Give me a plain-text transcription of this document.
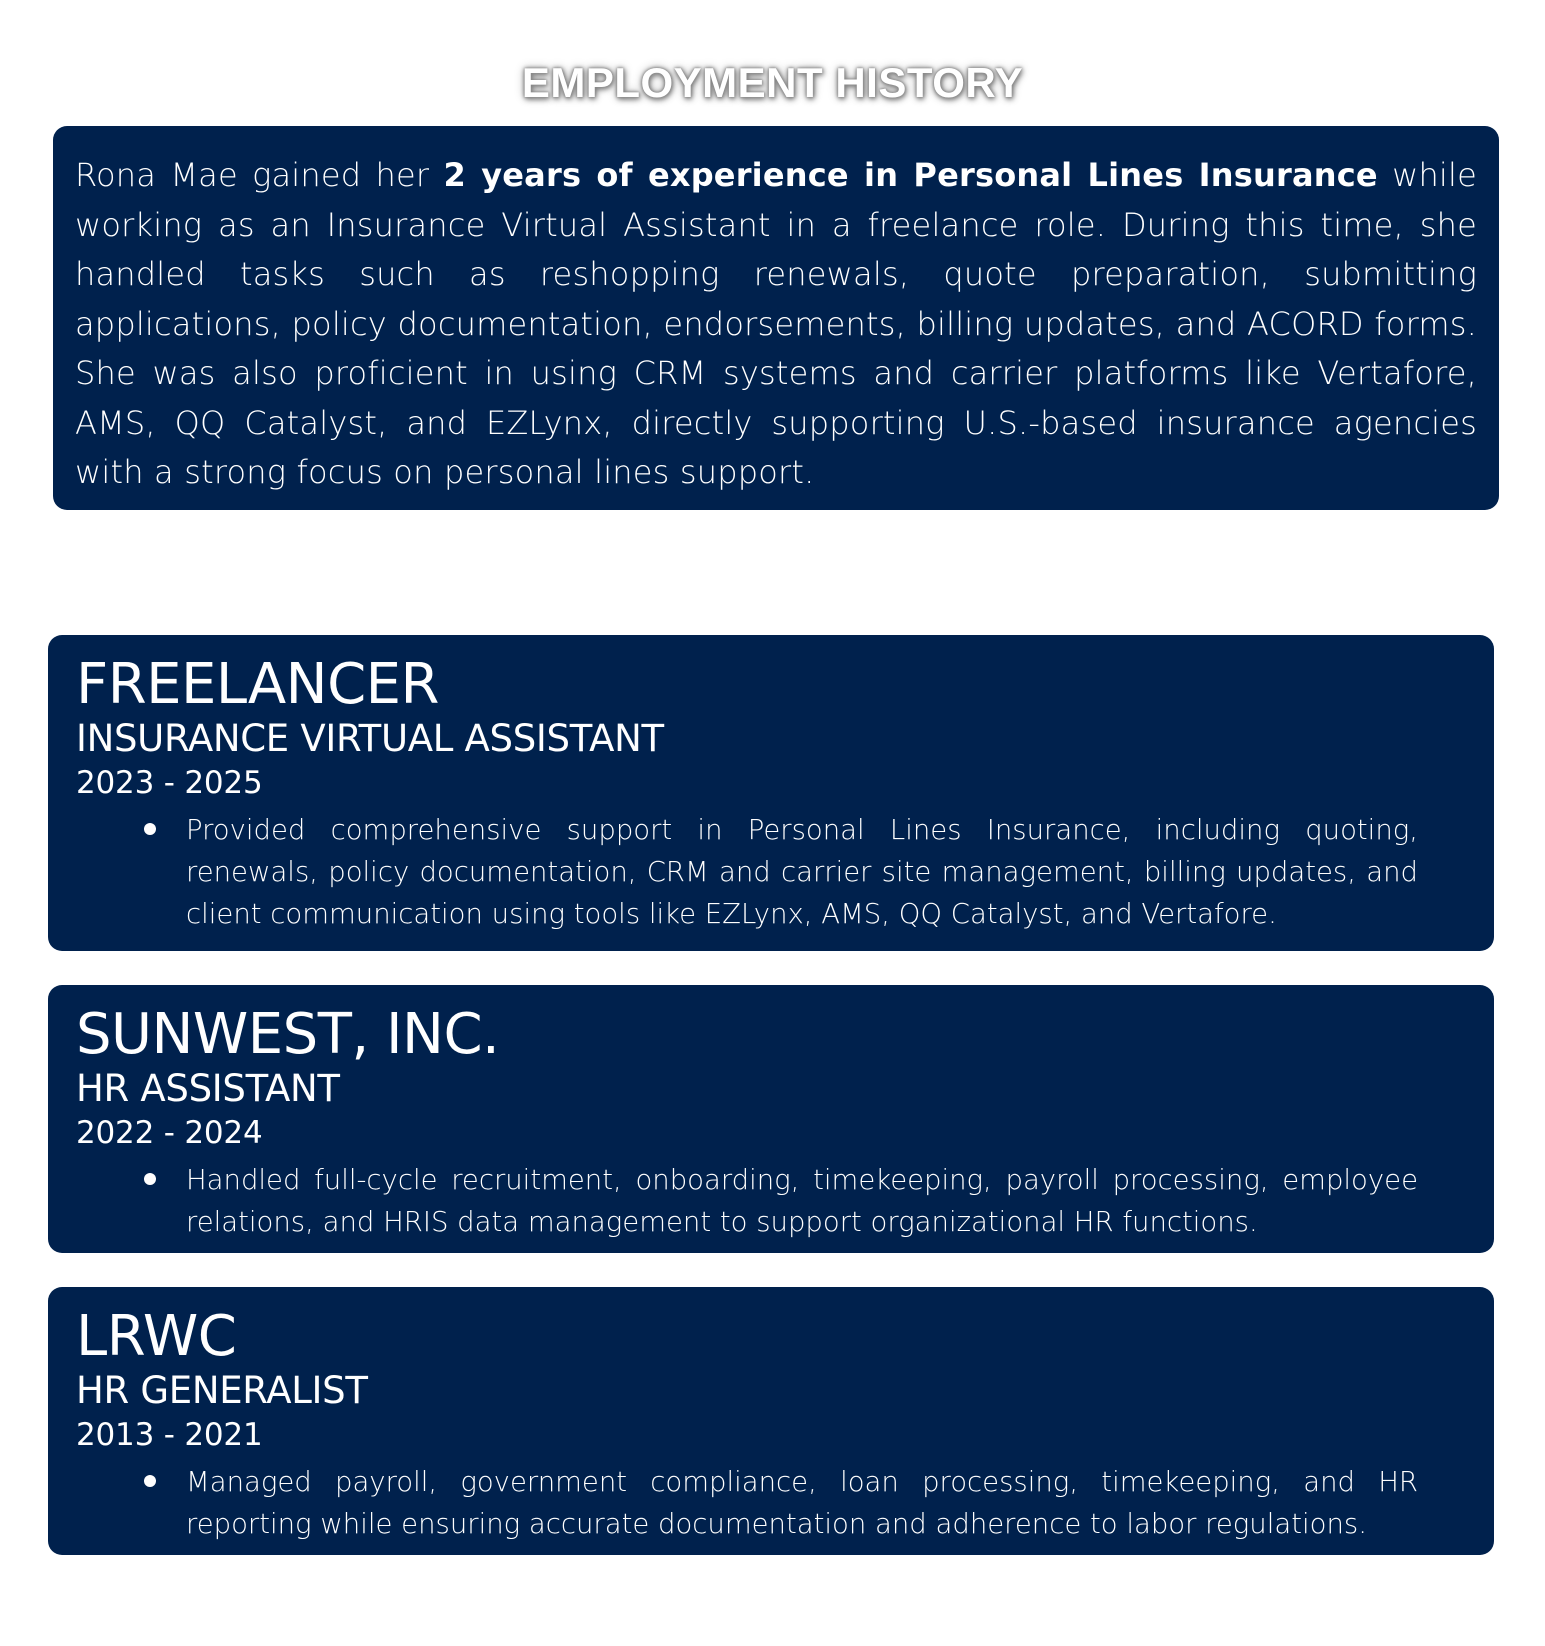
EMPLOYMENT HISTORY

Rona Mae gained her 2 years of experience in Personal Lines Insurance while working as an Insurance Virtual Assistant in a freelance role. During this time, she handled tasks such as reshopping renewals, quote preparation, submitting applications, policy documentation, endorsements, billing updates, and ACORD forms. She was also proficient in using CRM systems and carrier platforms like Vertafore, AMS, QQ Catalyst, and EZLynx, directly supporting U.S.-based insurance agencies with a strong focus on personal lines support.

FREELANCER
INSURANCE VIRTUAL ASSISTANT
2023 - 2025
Provided comprehensive support in Personal Lines Insurance, including quoting, renewals, policy documentation, CRM and carrier site management, billing updates, and client communication using tools like EZLynx, AMS, QQ Catalyst, and Vertafore.
SUNWEST, INC.
HR ASSISTANT
2022 - 2024
Handled full-cycle recruitment, onboarding, timekeeping, payroll processing, employee relations, and HRIS data management to support organizational HR functions.
LRWC
HR GENERALIST
2013 - 2021
Managed payroll, government compliance, loan processing, timekeeping, and HR reporting while ensuring accurate documentation and adherence to labor regulations.
